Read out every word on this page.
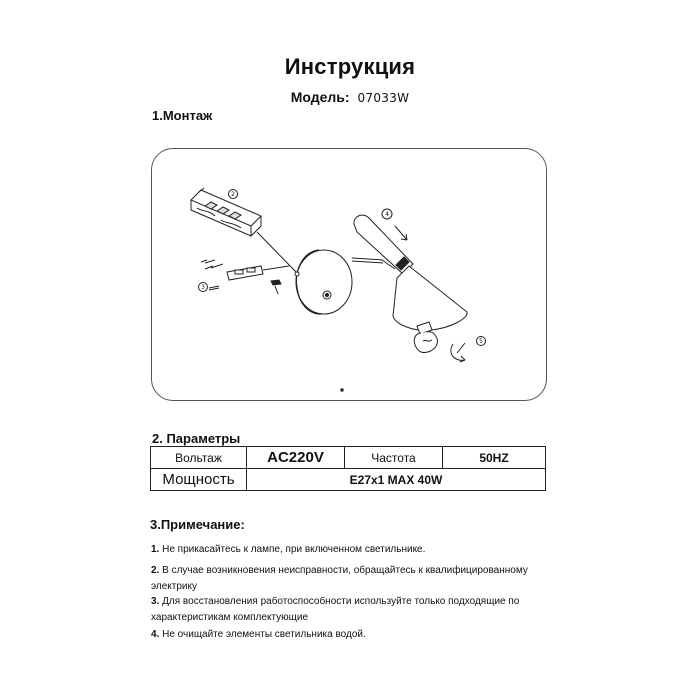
Инструкция
Модель: 07033W
1.Монтаж
2
3
4
5
2. Параметры
Вольтаж	AC220V	Частота	50HZ
Мощность	E27x1 MAX 40W		
3.Примечание:
1. Не прикасайтесь к лампе, при включенном светильнике.
2. В случае возникновения неисправности, обращайтесь к квалифицированному электрику
3. Для восстановления работоспособности используйте только подходящие по характеристикам комплектующие
4. Не очищайте элементы светильника водой.
